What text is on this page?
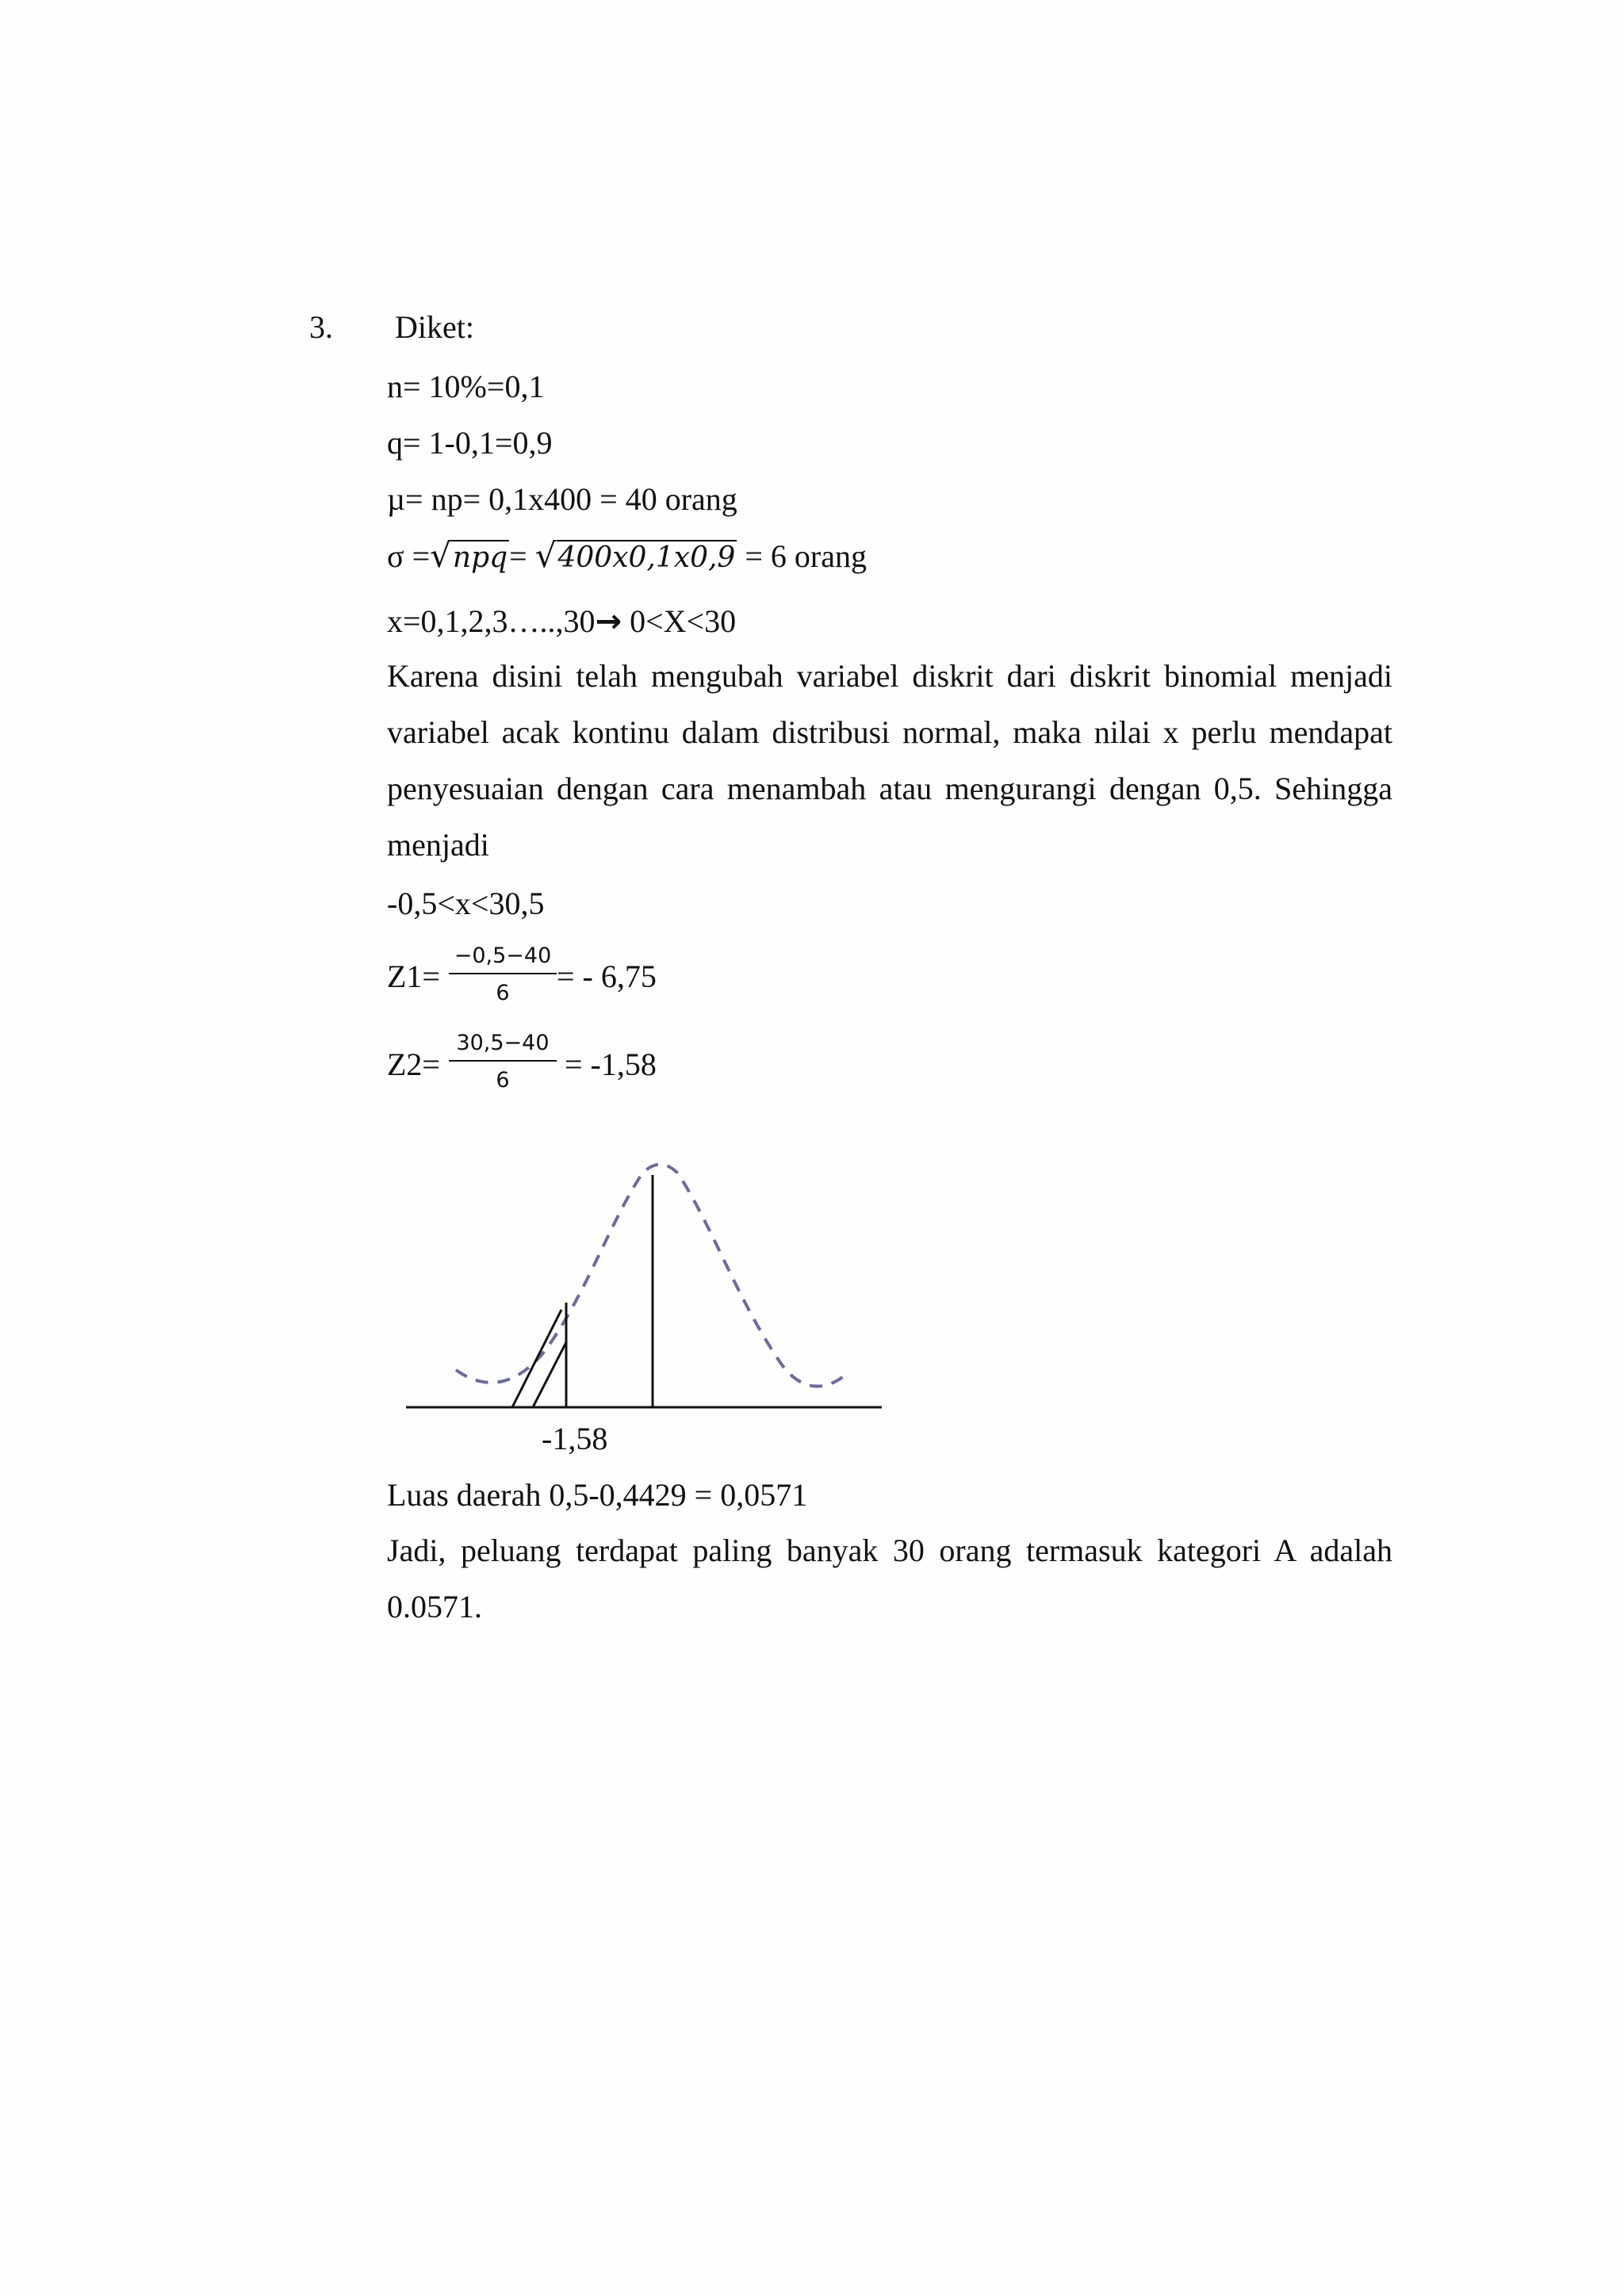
3. Diket:
n= 10%=0,1
q= 1-0,1=0,9
µ= np= 0,1x400 = 40 orang
σ =√npq= √400x0,1x0,9 = 6 orang
x=0,1,2,3…..,30→ 0<X<30
Karena disini telah mengubah variabel diskrit dari diskrit binomial menjadi variabel acak kontinu dalam distribusi normal, maka nilai x perlu mendapat penyesuaian dengan cara menambah atau mengurangi dengan 0,5. Sehingga menjadi
-0,5<x<30,5
$Z1= \frac{-0,5-40}{6}$ = - 6,75
$Z2= \frac{30,5-40}{6} = -1,58$
-1,58
Luas daerah 0,5-0,4429 = 0,0571
Jadi, peluang terdapat paling banyak 30 orang termasuk kategori A adalah 0.0571.
